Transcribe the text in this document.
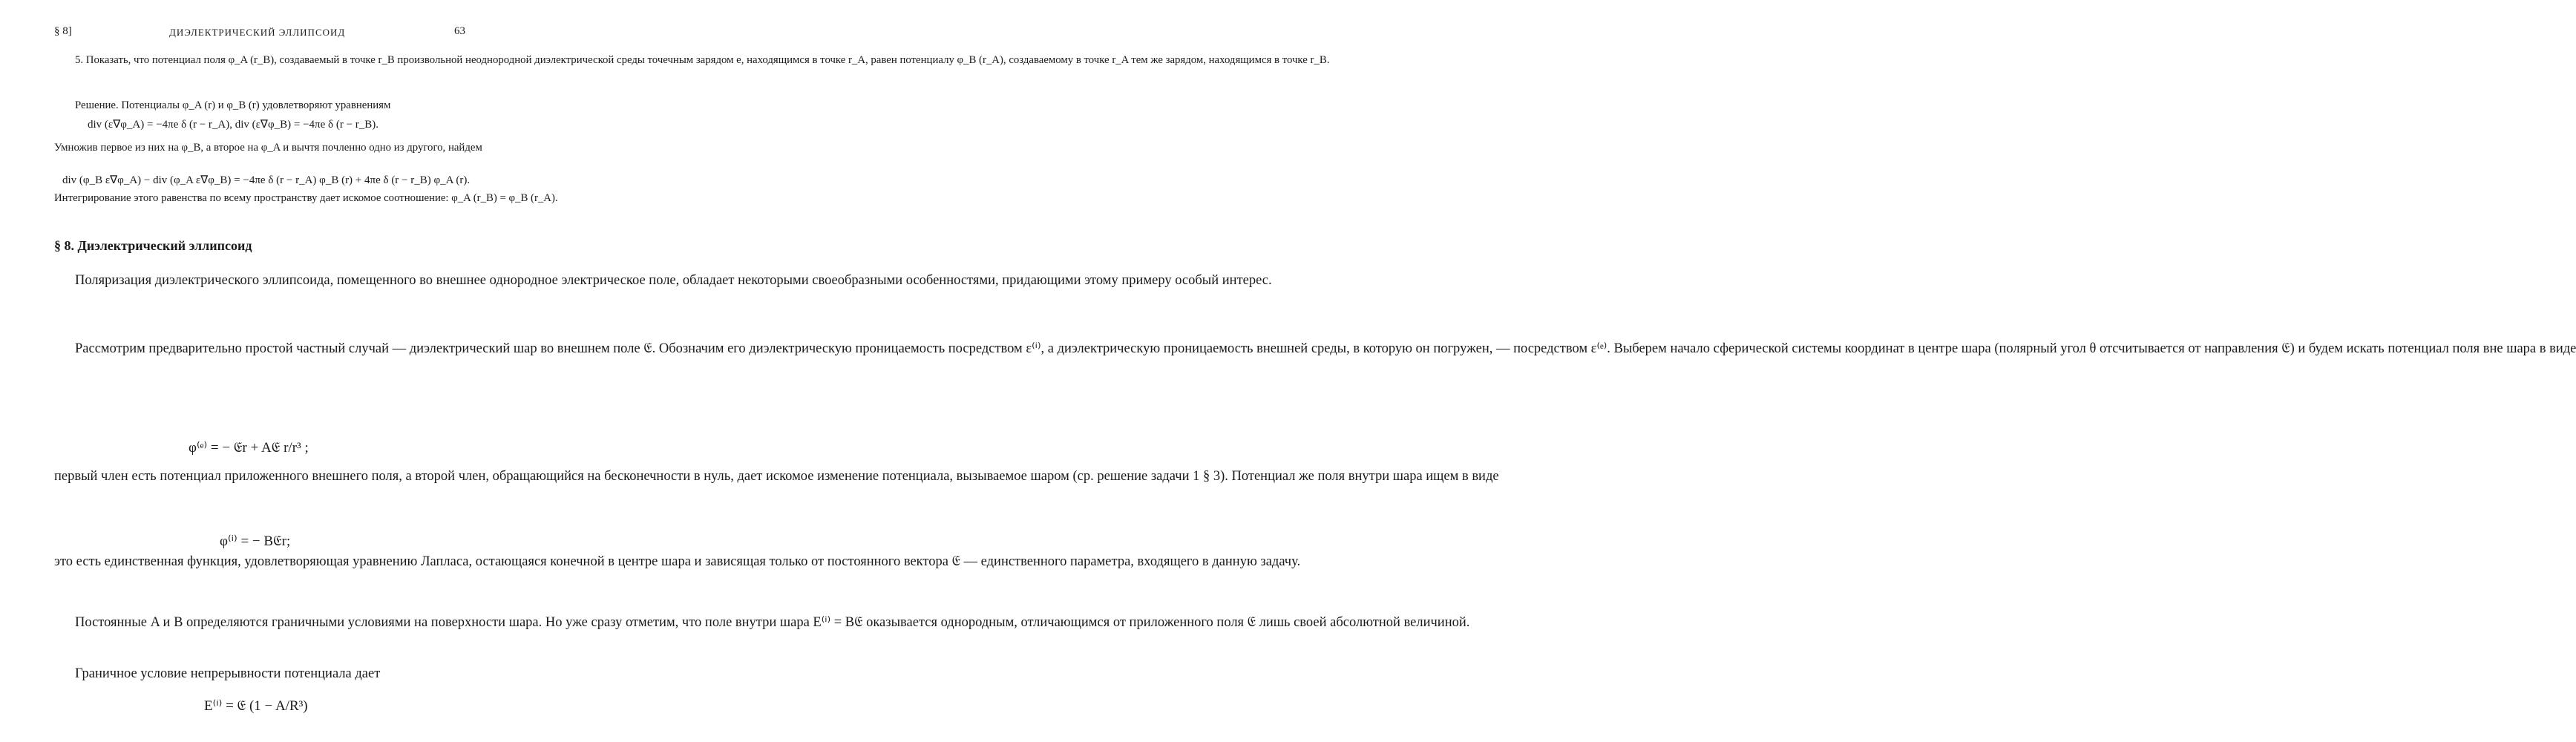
§ 8]	ДИЭЛЕКТРИЧЕСКИЙ ЭЛЛИПСОИД	63

5. Показать, что потенциал поля φ_A (r_B), создаваемый в точке r_B произвольной неоднородной диэлектрической среды точечным зарядом e, находящимся в точке r_A, равен потенциалу φ_B (r_A), создаваемому в точке r_A тем же зарядом, находящимся в точке r_B.

Решение. Потенциалы φ_A (r) и φ_B (r) удовлетворяют уравнениям

div (ε∇φ_A) = −4πe δ (r − r_A), div (ε∇φ_B) = −4πe δ (r − r_B).

Умножив первое из них на φ_B, а второе на φ_A и вычтя почленно одно из другого, найдем

div (φ_B ε∇φ_A) − div (φ_A ε∇φ_B) = −4πe δ (r − r_A) φ_B (r) + 4πe δ (r − r_B) φ_A (r).

Интегрирование этого равенства по всему пространству дает искомое соотношение: φ_A (r_B) = φ_B (r_A).

§ 8. Диэлектрический эллипсоид

Поляризация диэлектрического эллипсоида, помещенного во внешнее однородное электрическое поле, обладает некоторыми своеобразными особенностями, придающими этому примеру особый интерес.

Рассмотрим предварительно простой частный случай — диэлектрический шар во внешнем поле 𝔈. Обозначим его диэлектрическую проницаемость посредством ε⁽ⁱ⁾, а диэлектрическую проницаемость внешней среды, в которую он погружен, — посредством ε⁽ᵉ⁾. Выберем начало сферической системы координат в центре шара (полярный угол θ отсчитывается от направления 𝔈) и будем искать потенциал поля вне шара в виде

φ⁽ᵉ⁾ = − 𝔈r + A𝔈 r/r³ ;

первый член есть потенциал приложенного внешнего поля, а второй член, обращающийся на бесконечности в нуль, дает искомое изменение потенциала, вызываемое шаром (ср. решение задачи 1 § 3). Потенциал же поля внутри шара ищем в виде

φ⁽ⁱ⁾ = − B𝔈r;

это есть единственная функция, удовлетворяющая уравнению Лапласа, остающаяся конечной в центре шара и зависящая только от постоянного вектора 𝔈 — единственного параметра, входящего в данную задачу.

Постоянные A и B определяются граничными условиями на поверхности шара. Но уже сразу отметим, что поле внутри шара E⁽ⁱ⁾ = B𝔈 оказывается однородным, отличающимся от приложенного поля 𝔈 лишь своей абсолютной величиной.

Граничное условие непрерывности потенциала дает

E⁽ⁱ⁾ = 𝔈 (1 − A/R³)
